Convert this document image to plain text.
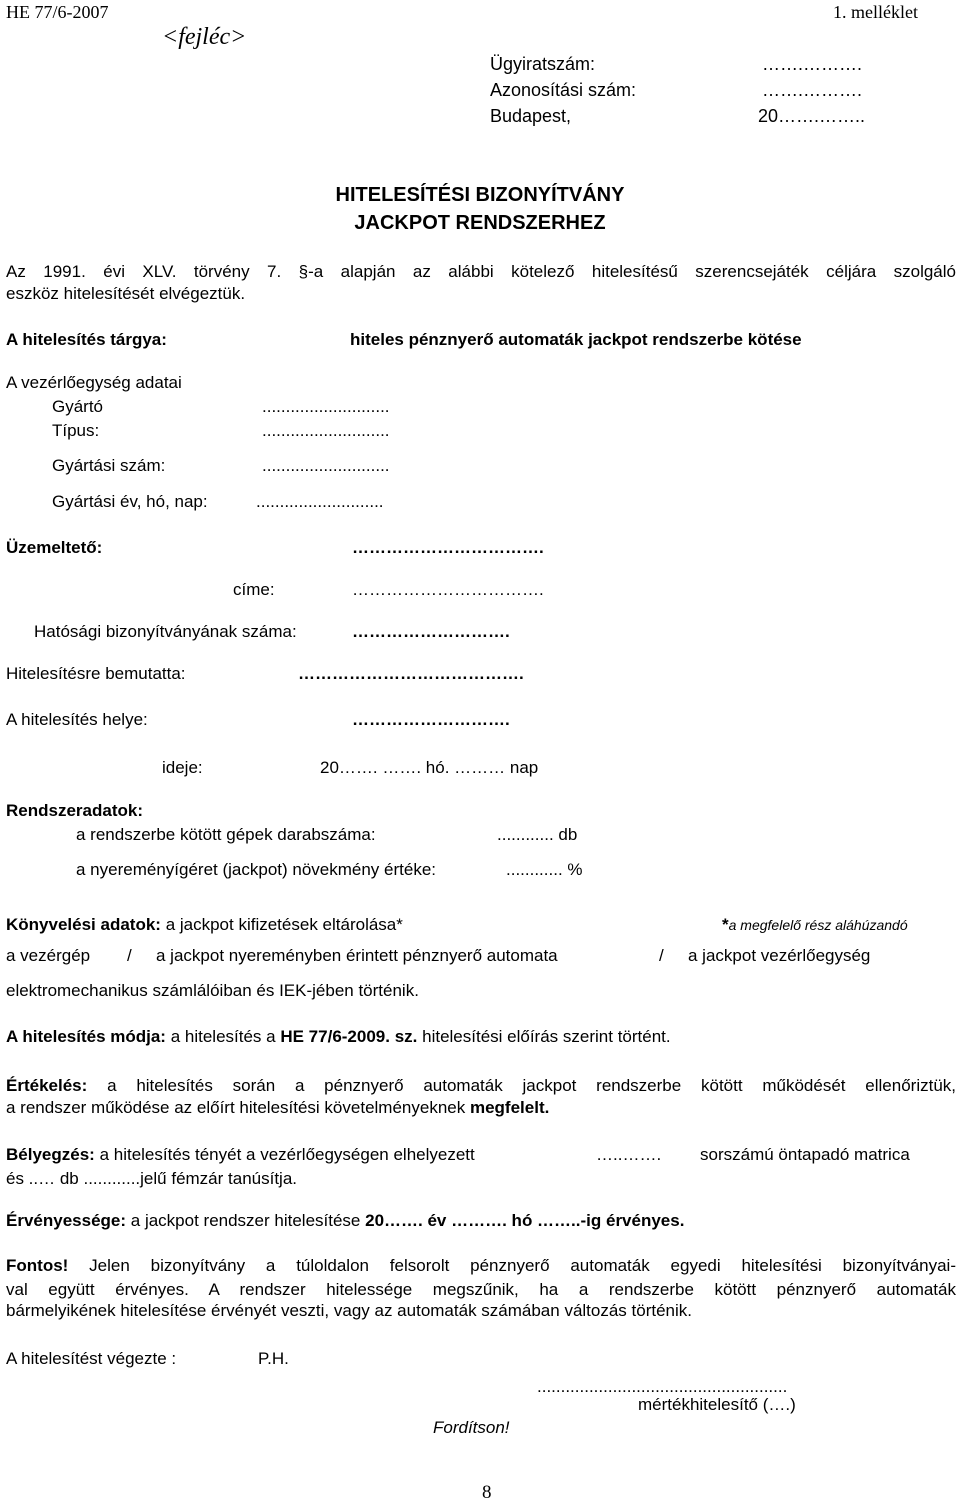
HE 77/6-2007	1. melléklet
<fejléc>
Ügyiratszám:	…….……….
Azonosítási szám:	…….……….
Budapest,	20…….……..
HITELESÍTÉSI BIZONYÍTVÁNY
JACKPOT RENDSZERHEZ
Az 1991. évi XLV. törvény 7. §-a alapján az alábbi kötelező hitelesítésű szerencsejáték céljára szolgáló
eszköz hitelesítését elvégeztük.
A hitelesítés tárgya:	hiteles pénznyerő automaták jackpot rendszerbe kötése
A vezérlőegység adatai
Gyártó	...........................
Típus:	...........................
Gyártási szám:	...........................
Gyártási év, hó, nap:	...........................
Üzemeltető:	…………………………….
címe:	…………………………….
Hatósági bizonyítványának száma:	……………………….
Hitelesítésre bemutatta:	………………………………….
A hitelesítés helye:	……………………….
ideje:	20……. ……. hó. ……… nap
Rendszeradatok:
a rendszerbe kötött gépek darabszáma:	............ db
a nyereményígéret (jackpot) növekmény értéke:	............ %
Könyvelési adatok: a jackpot kifizetések eltárolása*	*a megfelelő rész aláhúzandó
a vezérgép / a jackpot nyereményben érintett pénznyerő automata	/ a jackpot vezérlőegység
elektromechanikus számlálóiban és IEK-jében történik.
A hitelesítés módja: a hitelesítés a HE 77/6-2009. sz. hitelesítési előírás szerint történt.
Értékelés: a hitelesítés során a pénznyerő automaták jackpot rendszerbe kötött működését ellenőriztük,
a rendszer működése az előírt hitelesítési követelményeknek megfelelt.
Bélyegzés: a hitelesítés tényét a vezérlőegységen elhelyezett	…..……. sorszámú öntapadó matrica
és ..… db ............jelű fémzár tanúsítja.
Érvényessége: a jackpot rendszer hitelesítése 20……. év ………. hó ……..-ig érvényes.
Fontos! Jelen bizonyítvány a túloldalon felsorolt pénznyerő automaták egyedi hitelesítési bizonyítványai-
val együtt érvényes. A rendszer hitelessége megszűnik, ha a rendszerbe kötött pénznyerő automaták
bármelyikének hitelesítése érvényét veszti, vagy az automaták számában változás történik.
A hitelesítést végezte :	P.H.
.....................................................
mértékhitelesítő (….)
Fordítson!
8
